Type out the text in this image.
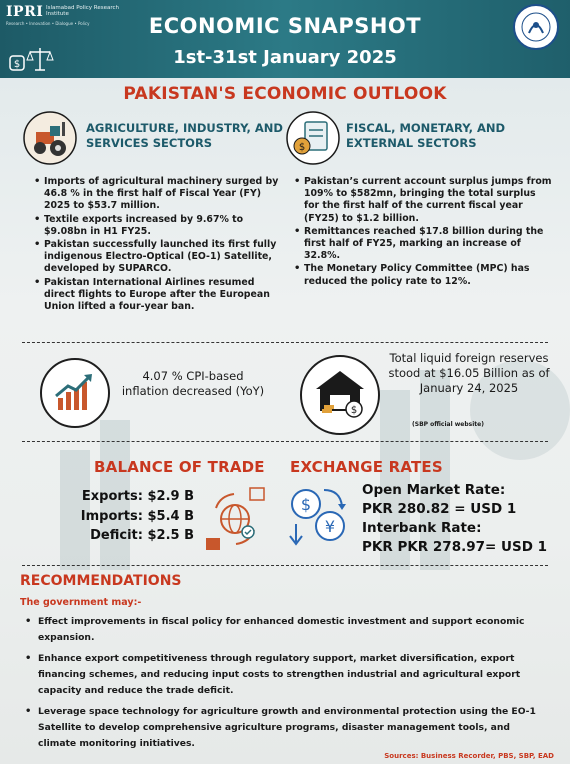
IPRI Islamabad Policy Research Institute
Research • Innovation • Dialogue • Policy
$
ECONOMIC SNAPSHOT
1st-31st January 2025
PAKISTAN'S ECONOMIC OUTLOOK
AGRICULTURE, INDUSTRY, AND SERVICES SECTORS
• Imports of agricultural machinery surged by 46.8 % in the first half of Fiscal Year (FY) 2025 to $53.7 million.
• Textile exports increased by 9.67% to $9.08bn in H1 FY25.
• Pakistan successfully launched its first fully indigenous Electro-Optical (EO-1) Satellite, developed by SUPARCO.
• Pakistan International Airlines resumed direct flights to Europe after the European Union lifted a four-year ban.
$
FISCAL, MONETARY, AND EXTERNAL SECTORS
• Pakistan’s current account surplus jumps from 109% to $582mn, bringing the total surplus for the first half of the current fiscal year (FY25) to $1.2 billion.
• Remittances reached $17.8 billion during the first half of FY25, marking an increase of 32.8%.
• The Monetary Policy Committee (MPC) has reduced the policy rate to 12%.
4.07 % CPI-based inflation decreased (YoY)
$
Total liquid foreign reserves stood at $16.05 Billion as of January 24, 2025
(SBP official website)
BALANCE OF TRADE
Exports: $2.9 B
Imports: $5.4 B
Deficit: $2.5 B
EXCHANGE RATES
$
¥
Open Market Rate:
PKR 280.82 = USD 1
Interbank Rate:
PKR PKR 278.97= USD 1
RECOMMENDATIONS
The government may:-
• Effect improvements in fiscal policy for enhanced domestic investment and support economic expansion.
• Enhance export competitiveness through regulatory support, market diversification, export financing schemes, and reducing input costs to strengthen industrial and agricultural export capacity and reduce the trade deficit.
• Leverage space technology for agriculture growth and environmental protection using the EO-1 Satellite to develop comprehensive agriculture programs, disaster management tools, and climate monitoring initiatives.
Sources: Business Recorder, PBS, SBP, EAD
